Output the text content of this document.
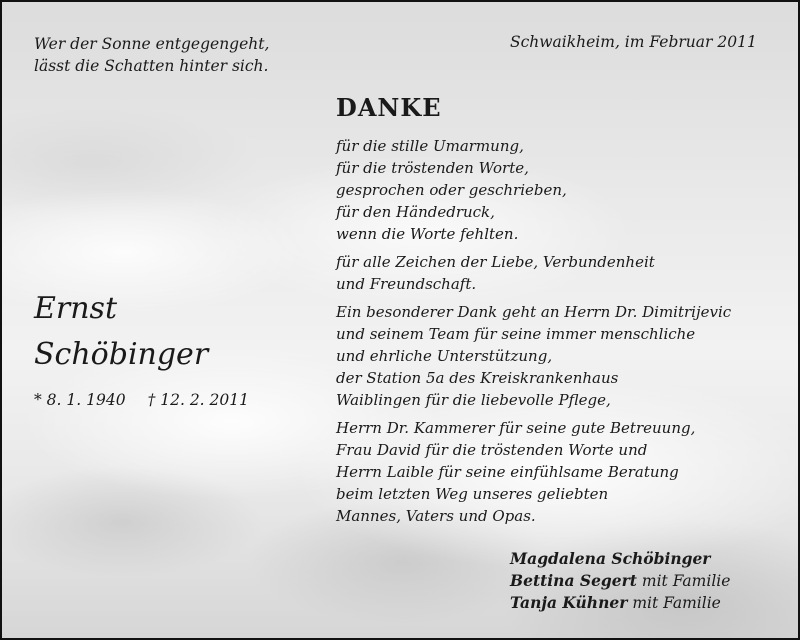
Wer der Sonne entgegengeht,
lässt die Schatten hinter sich.
Schwaikheim, im Februar 2011
DANKE
für die stille Umarmung,
für die tröstenden Worte,
gesprochen oder geschrieben,
für den Händedruck,
wenn die Worte fehlten.
für alle Zeichen der Liebe, Verbundenheit
und Freundschaft.
Ein besonderer Dank geht an Herrn Dr. Dimitrijevic
und seinem Team für seine immer menschliche
und ehrliche Unterstützung,
der Station 5a des Kreiskrankenhaus
Waiblingen für die liebevolle Pflege,
Herrn Dr. Kammerer für seine gute Betreuung,
Frau David für die tröstenden Worte und
Herrn Laible für seine einfühlsame Beratung
beim letzten Weg unseres geliebten
Mannes, Vaters und Opas.
Ernst
Schöbinger
* 8. 1. 1940 † 12. 2. 2011
Magdalena Schöbinger
Bettina Segert mit Familie
Tanja Kühner mit Familie
